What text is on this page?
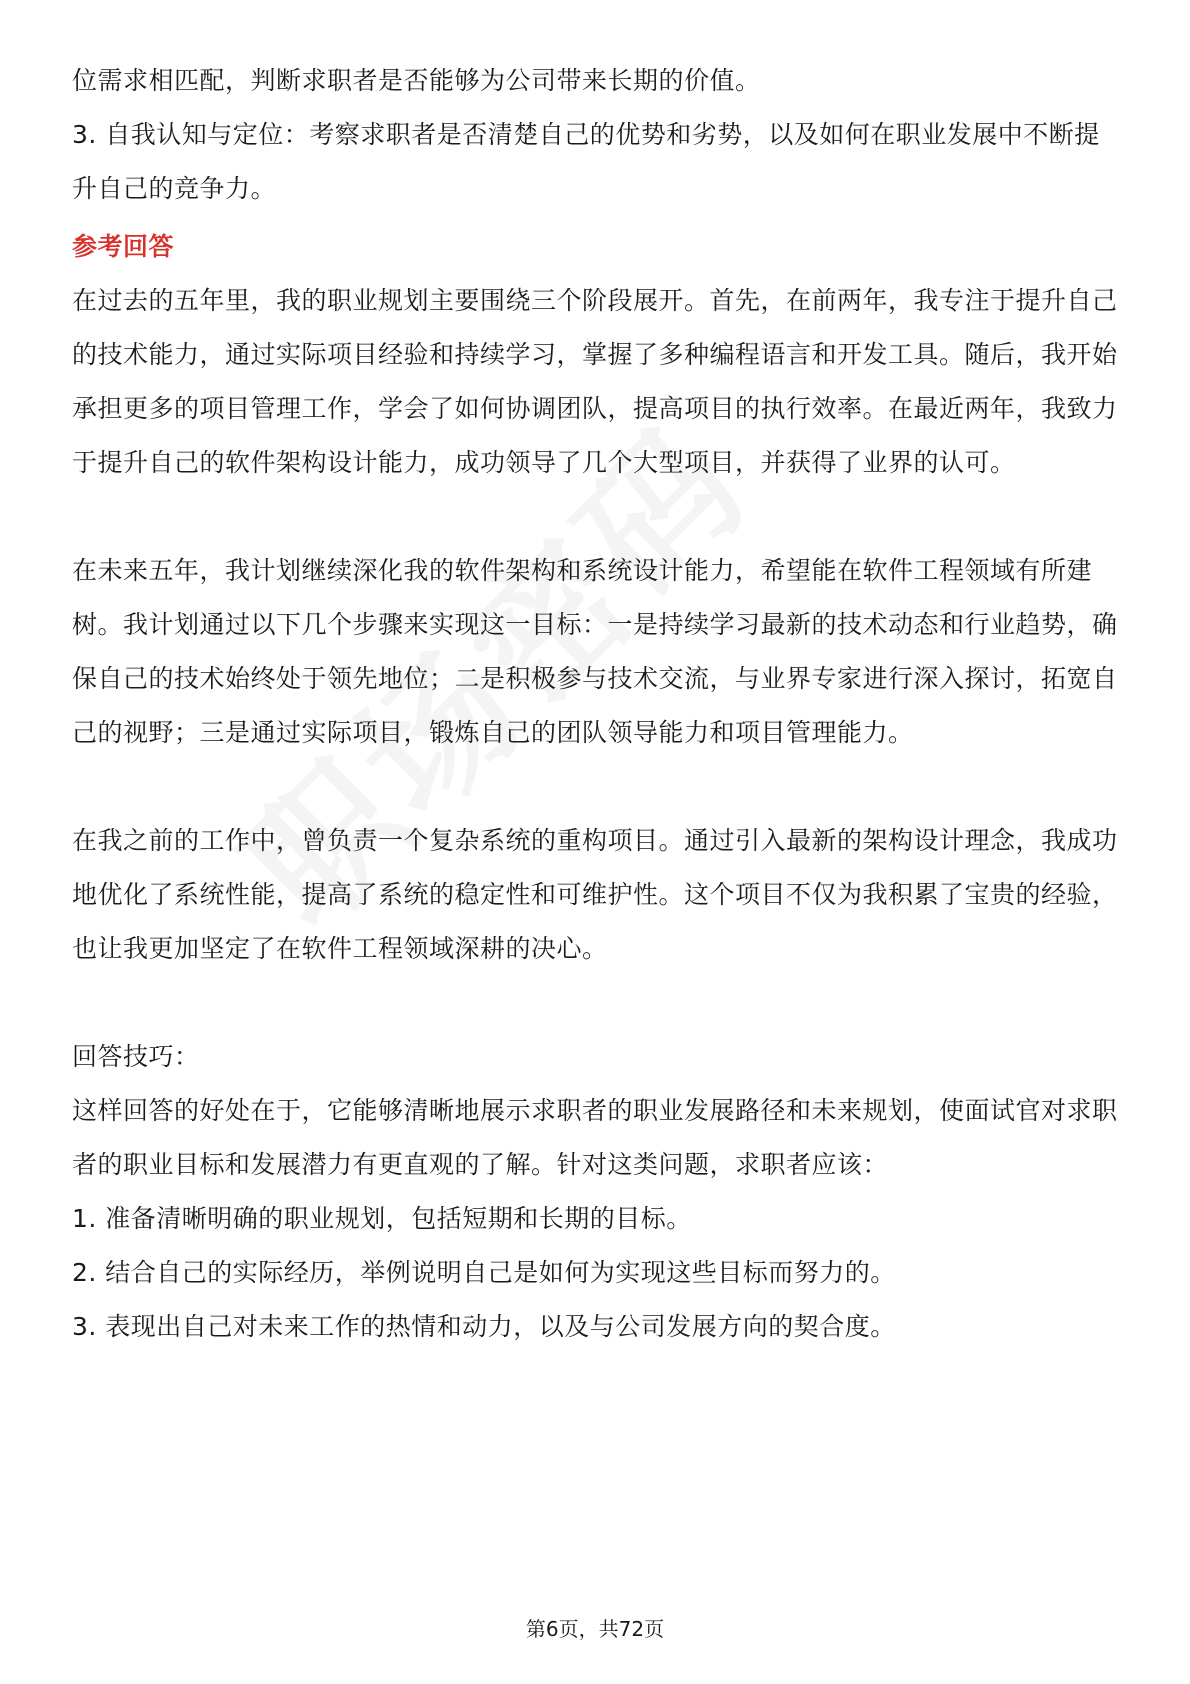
位需求相匹配，判断求职者是否能够为公司带来长期的价值。

3. 自我认知与定位：考察求职者是否清楚自己的优势和劣势，以及如何在职业发展中不断提升自己的竞争力。

参考回答

在过去的五年里，我的职业规划主要围绕三个阶段展开。首先，在前两年，我专注于提升自己的技术能力，通过实际项目经验和持续学习，掌握了多种编程语言和开发工具。随后，我开始承担更多的项目管理工作，学会了如何协调团队，提高项目的执行效率。在最近两年，我致力于提升自己的软件架构设计能力，成功领导了几个大型项目，并获得了业界的认可。

在未来五年，我计划继续深化我的软件架构和系统设计能力，希望能在软件工程领域有所建树。我计划通过以下几个步骤来实现这一目标：一是持续学习最新的技术动态和行业趋势，确保自己的技术始终处于领先地位；二是积极参与技术交流，与业界专家进行深入探讨，拓宽自己的视野；三是通过实际项目，锻炼自己的团队领导能力和项目管理能力。

在我之前的工作中，曾负责一个复杂系统的重构项目。通过引入最新的架构设计理念，我成功地优化了系统性能，提高了系统的稳定性和可维护性。这个项目不仅为我积累了宝贵的经验，也让我更加坚定了在软件工程领域深耕的决心。

回答技巧：

这样回答的好处在于，它能够清晰地展示求职者的职业发展路径和未来规划，使面试官对求职者的职业目标和发展潜力有更直观的了解。针对这类问题，求职者应该：

1. 准备清晰明确的职业规划，包括短期和长期的目标。

2. 结合自己的实际经历，举例说明自己是如何为实现这些目标而努力的。

3. 表现出自己对未来工作的热情和动力，以及与公司发展方向的契合度。

第6页，共72页
